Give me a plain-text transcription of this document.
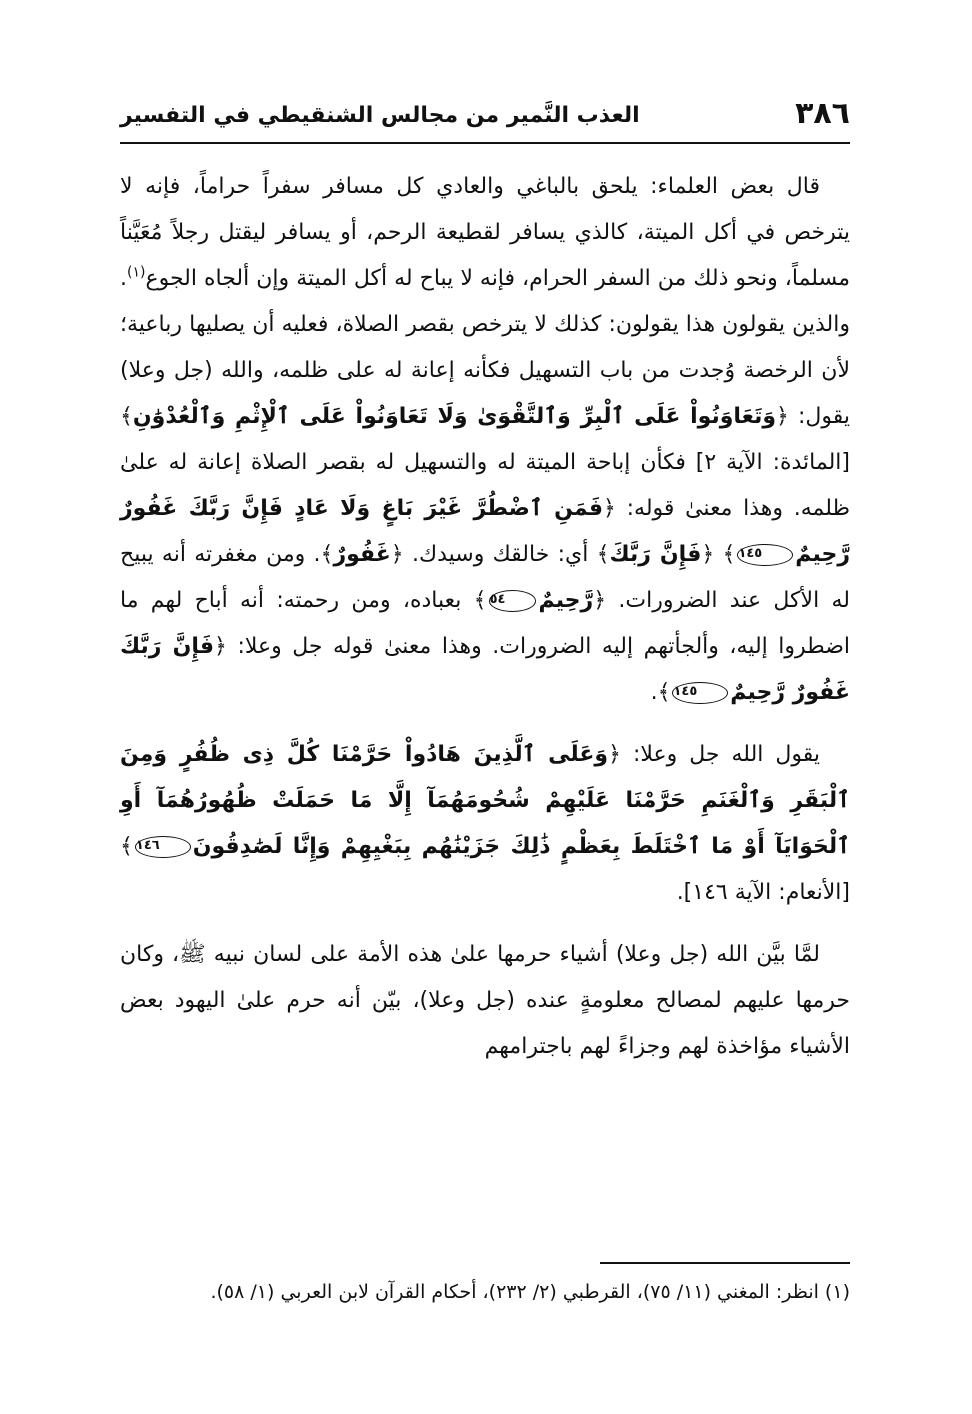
٣٨٦
العذب النَّمير من مجالس الشنقيطي في التفسير

قال بعض العلماء: يلحق بالباغي والعادي كل مسافر سفراً حراماً، فإنه لا يترخص في أكل الميتة، كالذي يسافر لقطيعة الرحم، أو يسافر ليقتل رجلاً مُعَيَّناً مسلماً، ونحو ذلك من السفر الحرام، فإنه لا يباح له أكل الميتة وإن ألجاه الجوع$^{(١)}$. والذين يقولون هذا يقولون: كذلك لا يترخص بقصر الصلاة، فعليه أن يصليها رباعية؛ لأن الرخصة وُجدت من باب التسهيل فكأنه إعانة له على ظلمه، والله (جل وعلا) يقول: ﴿وَتَعَاوَنُواْ عَلَى ٱلْبِرِّ وَٱلتَّقْوَىٰ وَلَا تَعَاوَنُواْ عَلَى ٱلْإِثْمِ وَٱلْعُدْوَٰنِ﴾ [المائدة: الآية ٢] فكأن إباحة الميتة له والتسهيل له بقصر الصلاة إعانة له علىٰ ظلمه. وهذا معنىٰ قوله: ﴿فَمَنِ ٱضْطُرَّ غَيْرَ بَاغٍ وَلَا عَادٍ فَإِنَّ رَبَّكَ غَفُورٌ رَّحِيمٌ١٤٥﴾ ﴿فَإِنَّ رَبَّكَ﴾ أي: خالقك وسيدك. ﴿غَفُورٌ﴾. ومن مغفرته أنه يبيح له الأكل عند الضرورات. ﴿رَّحِيمٌ٥٤﴾ بعباده، ومن رحمته: أنه أباح لهم ما اضطروا إليه، وألجأتهم إليه الضرورات. وهذا معنىٰ قوله جل وعلا: ﴿فَإِنَّ رَبَّكَ غَفُورٌ رَّحِيمٌ١٤٥﴾.

يقول الله جل وعلا: ﴿وَعَلَى ٱلَّذِينَ هَادُواْ حَرَّمْنَا كُلَّ ذِى ظُفُرٍ وَمِنَ ٱلْبَقَرِ وَٱلْغَنَمِ حَرَّمْنَا عَلَيْهِمْ شُحُومَهُمَآ إِلَّا مَا حَمَلَتْ ظُهُورُهُمَآ أَوِ ٱلْحَوَايَآ أَوْ مَا ٱخْتَلَطَ بِعَظْمٍ ذَٰلِكَ جَزَيْنَٰهُم بِبَغْيِهِمْ وَإِنَّا لَصَٰدِقُونَ١٤٦﴾ [الأنعام: الآية ١٤٦].

لمَّا بيَّن الله (جل وعلا) أشياء حرمها علىٰ هذه الأمة على لسان نبيه ﷺ، وكان حرمها عليهم لمصالح معلومةٍ عنده (جل وعلا)، بيّن أنه حرم علىٰ اليهود بعض الأشياء مؤاخذة لهم وجزاءً لهم باجترامهم

(١) انظر: المغني (١١/ ٧٥)، القرطبي (٢/ ٢٣٢)، أحكام القرآن لابن العربي (١/ ٥٨).
